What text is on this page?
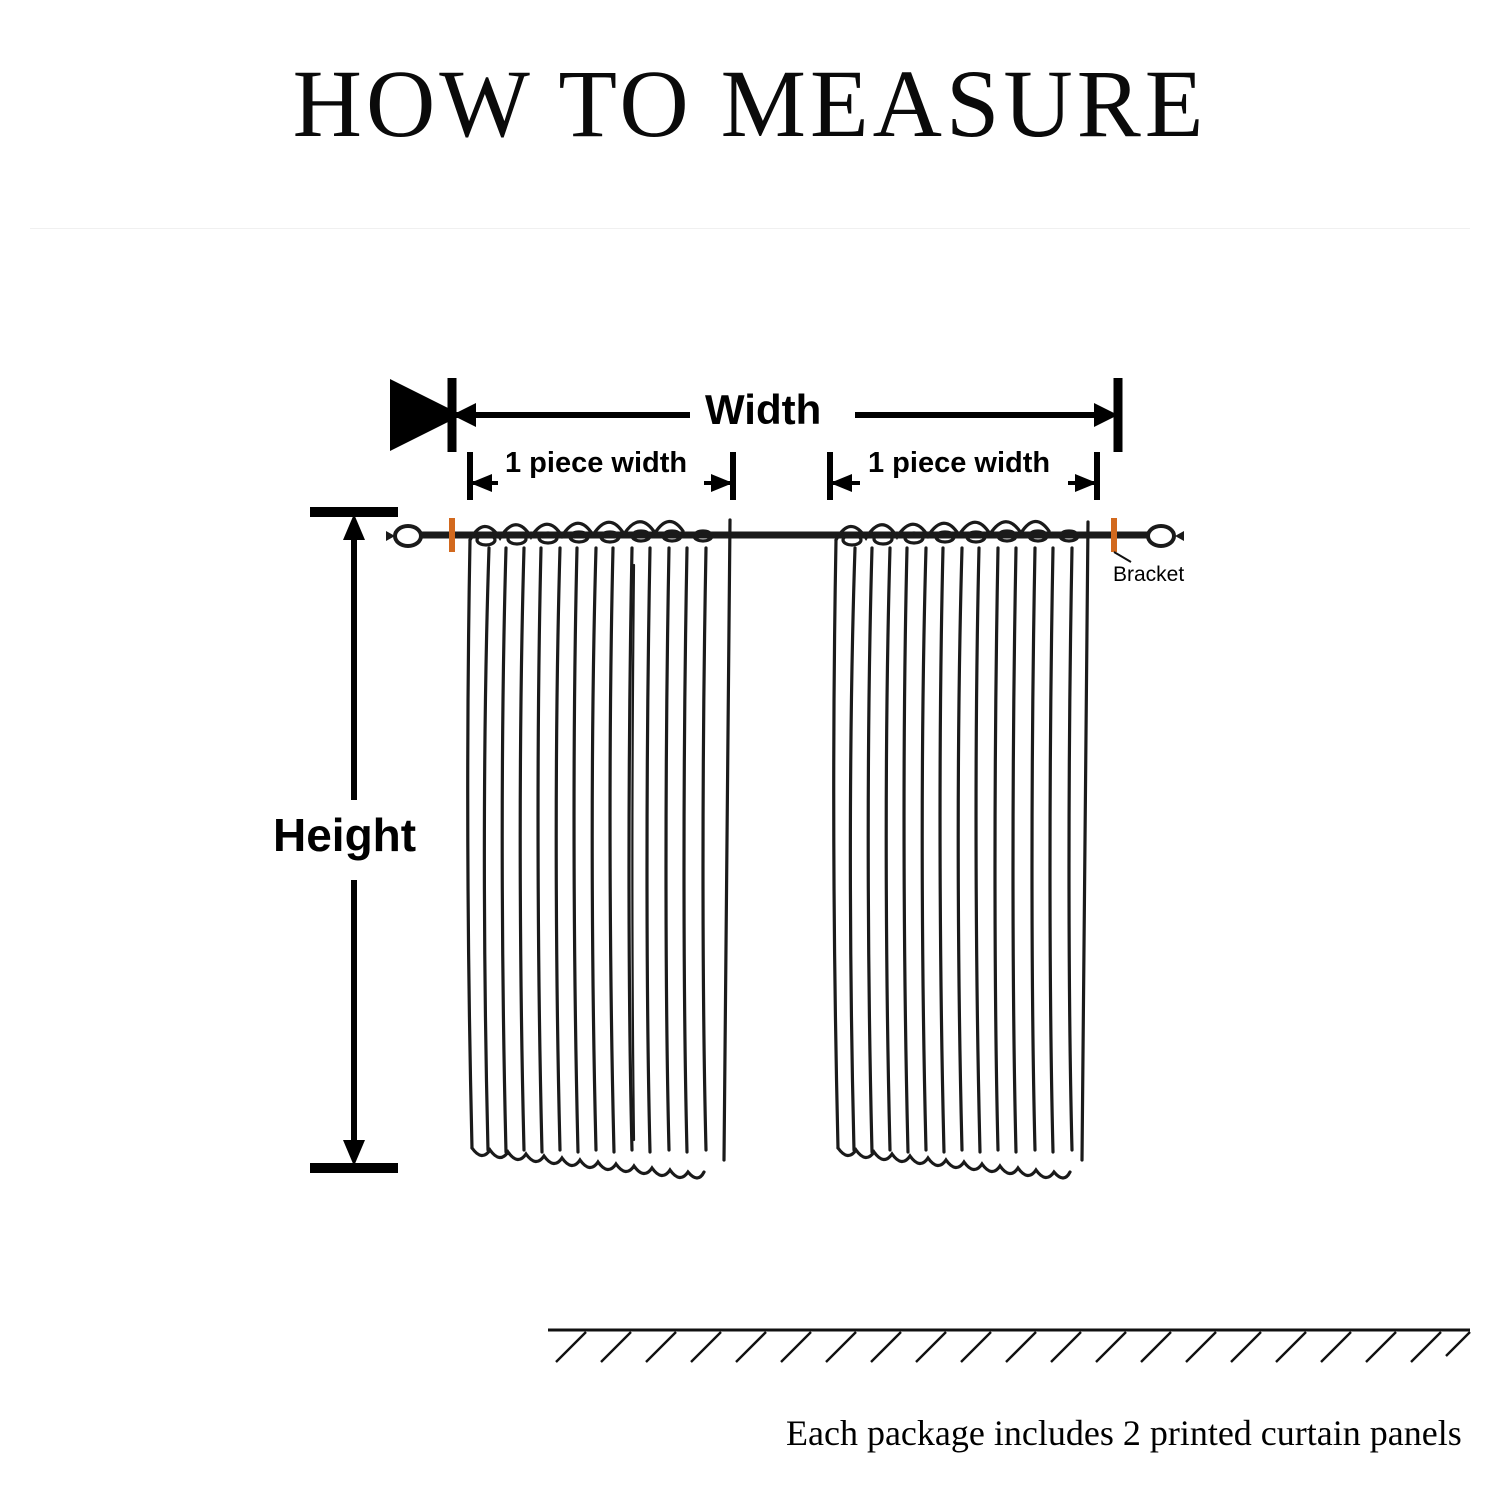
HOW TO MEASURE
Width
Height
1 piece width	1 piece width
Bracket
Each package includes 2 printed curtain panels
